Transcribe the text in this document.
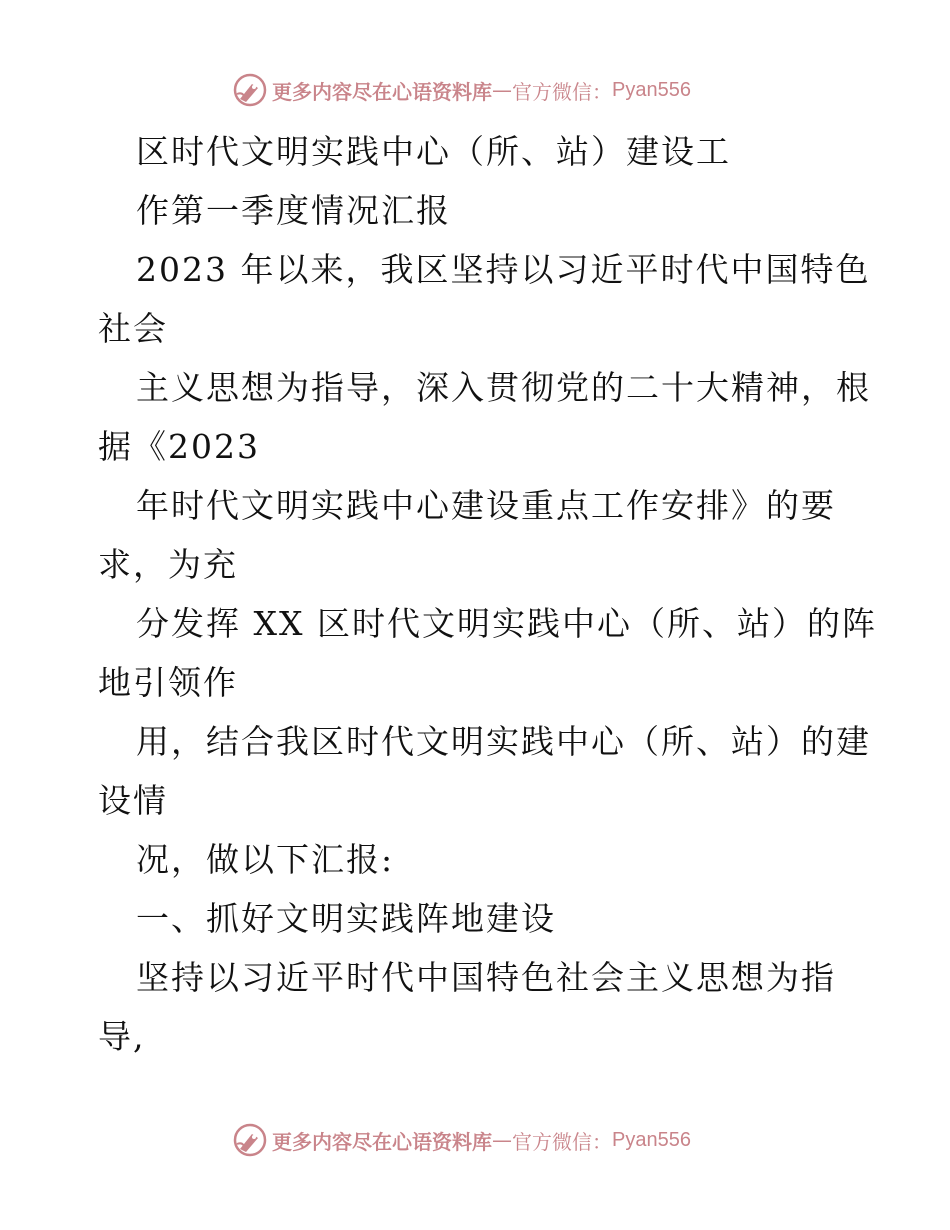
更多内容尽在心语资料库 — 官方微信： Pyan556
区时代文明实践中心（所、站）建设工
作第一季度情况汇报
2023 年以来，我区坚持以习近平时代中国特色
社会
主义思想为指导，深入贯彻党的二十大精神，根
据《2023
年时代文明实践中心建设重点工作安排》的要
求，为充
分发挥 XX 区时代文明实践中心（所、站）的阵
地引领作
用，结合我区时代文明实践中心（所、站）的建
设情
况，做以下汇报:
一、抓好文明实践阵地建设
坚持以习近平时代中国特色社会主义思想为指
导,
更多内容尽在心语资料库 — 官方微信： Pyan556
